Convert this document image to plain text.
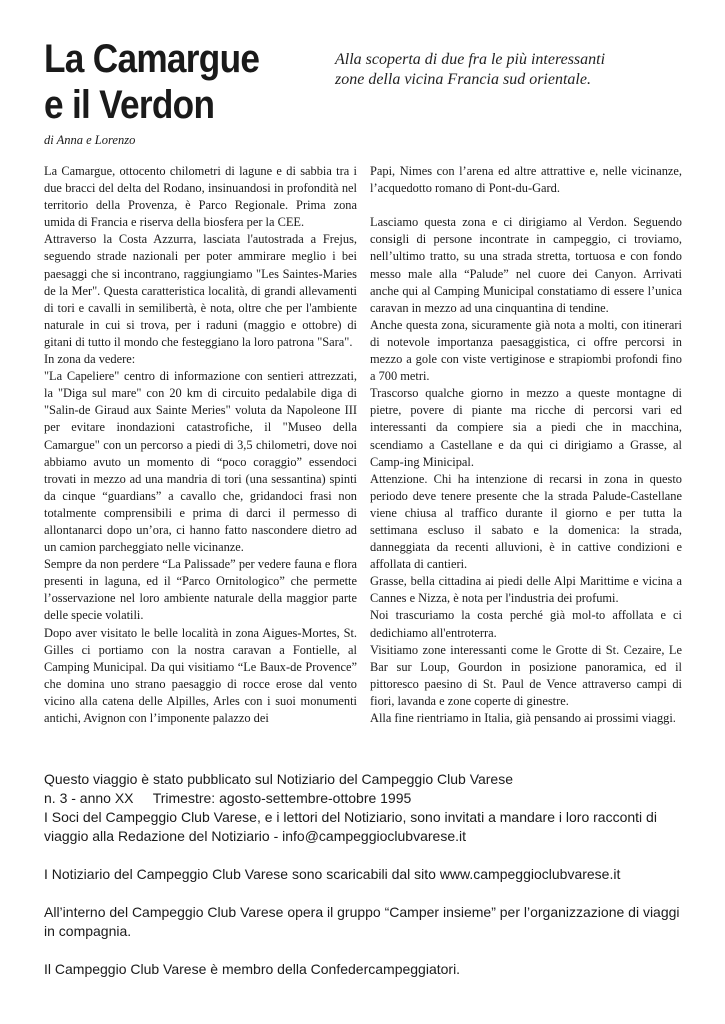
La Camargue
e il Verdon

Alla scoperta di due fra le più interessanti zone della vicina Francia sud orientale.

di Anna e Lorenzo

La Camargue, ottocento chilometri di lagune e di sabbia tra i due bracci del delta del Rodano, insinuandosi in profondità nel territorio della Provenza, è Parco Regionale. Prima zona umida di Francia e riserva della biosfera per la CEE.

Attraverso la Costa Azzurra, lasciata l'autostrada a Frejus, seguendo strade nazionali per poter ammirare meglio i bei paesaggi che si incontrano, raggiungiamo "Les Saintes-Maries de la Mer". Questa caratteristica località, di grandi allevamenti di tori e cavalli in semilibertà, è nota, oltre che per l'ambiente naturale in cui si trova, per i raduni (maggio e ottobre) di gitani di tutto il mondo che festeggiano la loro patrona "Sara".

In zona da vedere:

"La Capeliere" centro di informazione con sentieri attrezzati, la "Diga sul mare" con 20 km di circuito pedalabile diga di "Salin-de Giraud aux Sainte Meries" voluta da Napoleone III per evitare inondazioni catastrofiche, il "Museo della Camargue" con un percorso a piedi di 3,5 chilometri, dove noi abbiamo avuto un momento di “poco coraggio” essendoci trovati in mezzo ad una mandria di tori (una sessantina) spinti da cinque “guardians” a cavallo che, gridandoci frasi non totalmente comprensibili e prima di darci il permesso di allontanarci dopo un’ora, ci hanno fatto nascondere dietro ad un camion parcheggiato nelle vicinanze.

Sempre da non perdere “La Palissade” per vedere fauna e flora presenti in laguna, ed il “Parco Ornitologico” che permette l’osservazione nel loro ambiente naturale della maggior parte delle specie volatili.

Dopo aver visitato le belle località in zona Aigues-Mortes, St. Gilles ci portiamo con la nostra caravan a Fontielle, al Camping Municipal. Da qui visitiamo “Le Baux-de Provence” che domina uno strano paesaggio di rocce erose dal vento vicino alla catena delle Alpilles, Arles con i suoi monumenti antichi, Avignon con l’imponente palazzo dei

Papi, Nimes con l’arena ed altre attrattive e, nelle vicinanze, l’acquedotto romano di Pont-du-Gard.

Lasciamo questa zona e ci dirigiamo al Verdon. Seguendo consigli di persone incontrate in campeggio, ci troviamo, nell’ultimo tratto, su una strada stretta, tortuosa e con fondo messo male alla “Palude” nel cuore dei Canyon. Arrivati anche qui al Camping Municipal constatiamo di essere l’unica caravan in mezzo ad una cinquantina di tendine.

Anche questa zona, sicuramente già nota a molti, con itinerari di notevole importanza paesaggistica, ci offre percorsi in mezzo a gole con viste vertiginose e strapiombi profondi fino a 700 metri.

Trascorso qualche giorno in mezzo a queste montagne di pietre, povere di piante ma ricche di percorsi vari ed interessanti da compiere sia a piedi che in macchina, scendiamo a Castellane e da qui ci dirigiamo a Grasse, al Camp-ing Minicipal.

Attenzione. Chi ha intenzione di recarsi in zona in questo periodo deve tenere presente che la strada Palude-Castellane viene chiusa al traffico durante il giorno e per tutta la settimana escluso il sabato e la domenica: la strada, danneggiata da recenti alluvioni, è in cattive condizioni e affollata di cantieri.

Grasse, bella cittadina ai piedi delle Alpi Marittime e vicina a Cannes e Nizza, è nota per l'industria dei profumi.

Noi trascuriamo la costa perché già mol-to affollata e ci dedichiamo all'entroterra.

Visitiamo zone interessanti come le Grotte di St. Cezaire, Le Bar sur Loup, Gourdon in posizione panoramica, ed il pittoresco paesino di St. Paul de Vence attraverso campi di fiori, lavanda e zone coperte di ginestre.

Alla fine rientriamo in Italia, già pensando ai prossimi viaggi.

Questo viaggio è stato pubblicato sul Notiziario del Campeggio Club Varese

n. 3 - anno XX     Trimestre: agosto-settembre-ottobre 1995

I Soci del Campeggio Club Varese, e i lettori del Notiziario, sono invitati a mandare i loro racconti di viaggio alla Redazione del Notiziario - info@campeggioclubvarese.it

I Notiziario del Campeggio Club Varese sono scaricabili dal sito www.campeggioclubvarese.it

All’interno del Campeggio Club Varese opera il gruppo “Camper insieme” per l’organizzazione di viaggi in compagnia.

Il Campeggio Club Varese è membro della Confedercampeggiatori.
